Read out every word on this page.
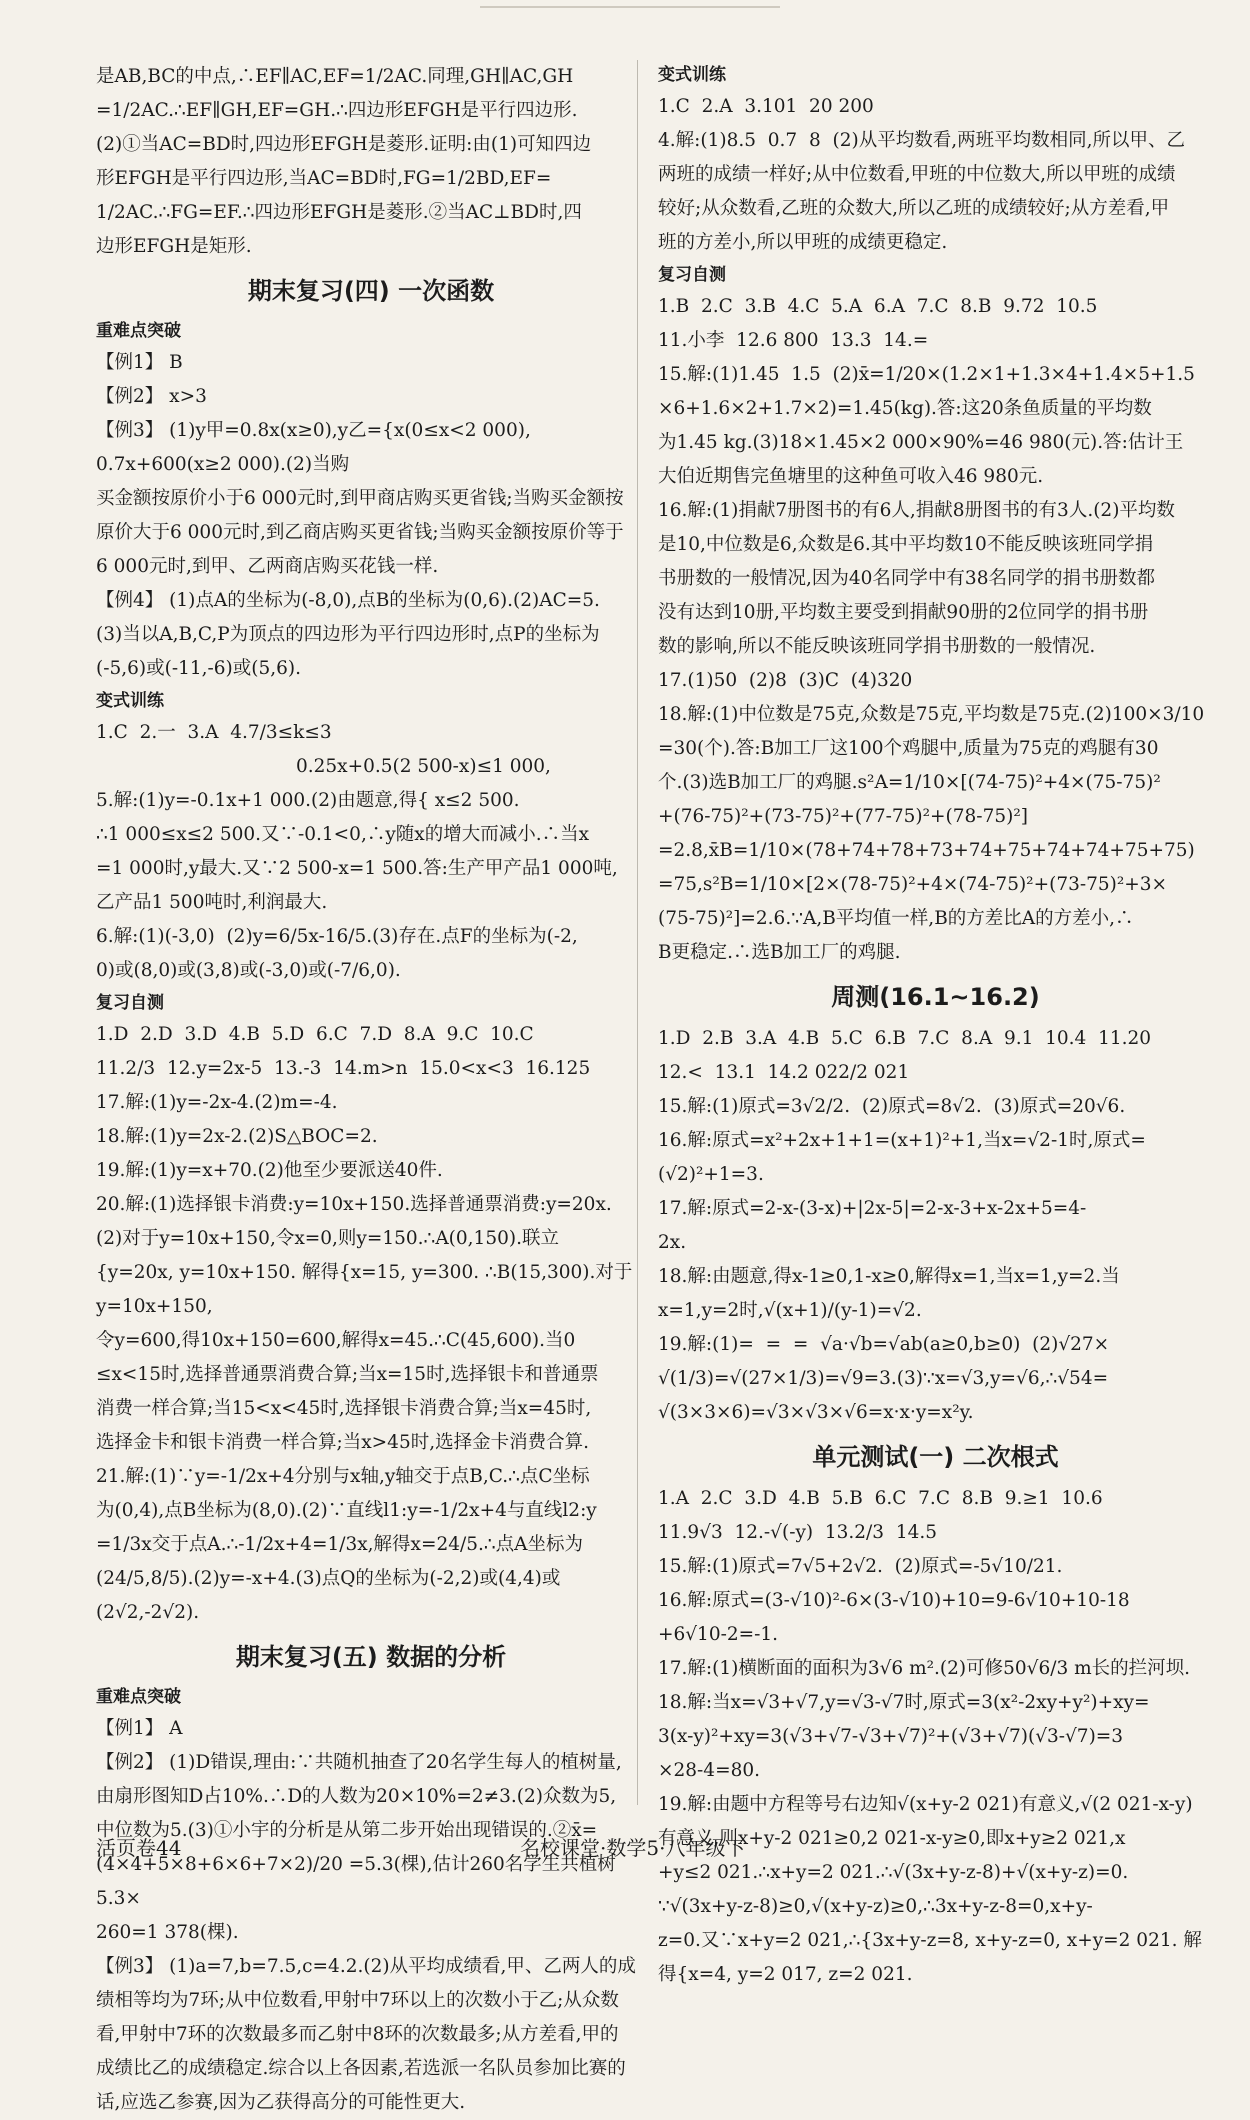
是AB,BC的中点,∴EF∥AC,EF=1/2AC.同理,GH∥AC,GH
=1/2AC.∴EF∥GH,EF=GH.∴四边形EFGH是平行四边形.
(2)①当AC=BD时,四边形EFGH是菱形.证明:由(1)可知四边
形EFGH是平行四边形,当AC=BD时,FG=1/2BD,EF=
1/2AC.∴FG=EF.∴四边形EFGH是菱形.②当AC⊥BD时,四
边形EFGH是矩形.
期末复习(四) 一次函数
重难点突破
【例1】 B
【例2】 x>3
【例3】 (1)y甲=0.8x(x≥0),y乙={x(0≤x<2 000), 0.7x+600(x≥2 000).(2)当购
买金额按原价小于6 000元时,到甲商店购买更省钱;当购买金额按
原价大于6 000元时,到乙商店购买更省钱;当购买金额按原价等于
6 000元时,到甲、乙两商店购买花钱一样.
【例4】 (1)点A的坐标为(-8,0),点B的坐标为(0,6).(2)AC=5.
(3)当以A,B,C,P为顶点的四边形为平行四边形时,点P的坐标为
(-5,6)或(-11,-6)或(5,6).
变式训练
1.C  2.一  3.A  4.7/3≤k≤3
0.25x+0.5(2 500-x)≤1 000,
5.解:(1)y=-0.1x+1 000.(2)由题意,得{ x≤2 500.
∴1 000≤x≤2 500.又∵-0.1<0,∴y随x的增大而减小.∴当x
=1 000时,y最大.又∵2 500-x=1 500.答:生产甲产品1 000吨,
乙产品1 500吨时,利润最大.
6.解:(1)(-3,0)  (2)y=6/5x-16/5.(3)存在.点F的坐标为(-2,
0)或(8,0)或(3,8)或(-3,0)或(-7/6,0).
复习自测
1.D  2.D  3.D  4.B  5.D  6.C  7.D  8.A  9.C  10.C
11.2/3  12.y=2x-5  13.-3  14.m>n  15.0<x<3  16.125
17.解:(1)y=-2x-4.(2)m=-4.
18.解:(1)y=2x-2.(2)S△BOC=2.
19.解:(1)y=x+70.(2)他至少要派送40件.
20.解:(1)选择银卡消费:y=10x+150.选择普通票消费:y=20x.
(2)对于y=10x+150,令x=0,则y=150.∴A(0,150).联立
{y=20x, y=10x+150. 解得{x=15, y=300. ∴B(15,300).对于y=10x+150,
令y=600,得10x+150=600,解得x=45.∴C(45,600).当0
≤x<15时,选择普通票消费合算;当x=15时,选择银卡和普通票
消费一样合算;当15<x<45时,选择银卡消费合算;当x=45时,
选择金卡和银卡消费一样合算;当x>45时,选择金卡消费合算.
21.解:(1)∵y=-1/2x+4分别与x轴,y轴交于点B,C.∴点C坐标
为(0,4),点B坐标为(8,0).(2)∵直线l1:y=-1/2x+4与直线l2:y
=1/3x交于点A.∴-1/2x+4=1/3x,解得x=24/5.∴点A坐标为
(24/5,8/5).(2)y=-x+4.(3)点Q的坐标为(-2,2)或(4,4)或
(2√2,-2√2).
期末复习(五) 数据的分析
重难点突破
【例1】 A
【例2】 (1)D错误,理由:∵共随机抽查了20名学生每人的植树量,
由扇形图知D占10%.∴D的人数为20×10%=2≠3.(2)众数为5,
中位数为5.(3)①小宇的分析是从第二步开始出现错误的.②x̄=
(4×4+5×8+6×6+7×2)/20 =5.3(棵),估计260名学生共植树5.3×
260=1 378(棵).
【例3】 (1)a=7,b=7.5,c=4.2.(2)从平均成绩看,甲、乙两人的成
绩相等均为7环;从中位数看,甲射中7环以上的次数小于乙;从众数
看,甲射中7环的次数最多而乙射中8环的次数最多;从方差看,甲的
成绩比乙的成绩稳定.综合以上各因素,若选派一名队员参加比赛的
话,应选乙参赛,因为乙获得高分的可能性更大.
变式训练
1.C  2.A  3.101  20 200
4.解:(1)8.5  0.7  8  (2)从平均数看,两班平均数相同,所以甲、乙
两班的成绩一样好;从中位数看,甲班的中位数大,所以甲班的成绩
较好;从众数看,乙班的众数大,所以乙班的成绩较好;从方差看,甲
班的方差小,所以甲班的成绩更稳定.
复习自测
1.B  2.C  3.B  4.C  5.A  6.A  7.C  8.B  9.72  10.5
11.小李  12.6 800  13.3  14.=
15.解:(1)1.45  1.5  (2)x̄=1/20×(1.2×1+1.3×4+1.4×5+1.5
×6+1.6×2+1.7×2)=1.45(kg).答:这20条鱼质量的平均数
为1.45 kg.(3)18×1.45×2 000×90%=46 980(元).答:估计王
大伯近期售完鱼塘里的这种鱼可收入46 980元.
16.解:(1)捐献7册图书的有6人,捐献8册图书的有3人.(2)平均数
是10,中位数是6,众数是6.其中平均数10不能反映该班同学捐
书册数的一般情况,因为40名同学中有38名同学的捐书册数都
没有达到10册,平均数主要受到捐献90册的2位同学的捐书册
数的影响,所以不能反映该班同学捐书册数的一般情况.
17.(1)50  (2)8  (3)C  (4)320
18.解:(1)中位数是75克,众数是75克,平均数是75克.(2)100×3/10
=30(个).答:B加工厂这100个鸡腿中,质量为75克的鸡腿有30
个.(3)选B加工厂的鸡腿.s²A=1/10×[(74-75)²+4×(75-75)²
+(76-75)²+(73-75)²+(77-75)²+(78-75)²]
=2.8,x̄B=1/10×(78+74+78+73+74+75+74+74+75+75)
=75,s²B=1/10×[2×(78-75)²+4×(74-75)²+(73-75)²+3×
(75-75)²]=2.6.∵A,B平均值一样,B的方差比A的方差小,∴
B更稳定.∴选B加工厂的鸡腿.
周测(16.1~16.2)
1.D  2.B  3.A  4.B  5.C  6.B  7.C  8.A  9.1  10.4  11.20
12.<  13.1  14.2 022/2 021
15.解:(1)原式=3√2/2.  (2)原式=8√2.  (3)原式=20√6.
16.解:原式=x²+2x+1+1=(x+1)²+1,当x=√2-1时,原式=
(√2)²+1=3.
17.解:原式=2-x-(3-x)+|2x-5|=2-x-3+x-2x+5=4-
2x.
18.解:由题意,得x-1≥0,1-x≥0,解得x=1,当x=1,y=2.当
x=1,y=2时,√(x+1)/(y-1)=√2.
19.解:(1)=  =  =  √a·√b=√ab(a≥0,b≥0)  (2)√27×
√(1/3)=√(27×1/3)=√9=3.(3)∵x=√3,y=√6,∴√54=
√(3×3×6)=√3×√3×√6=x·x·y=x²y.
单元测试(一) 二次根式
1.A  2.C  3.D  4.B  5.B  6.C  7.C  8.B  9.≥1  10.6
11.9√3  12.-√(-y)  13.2/3  14.5
15.解:(1)原式=7√5+2√2.  (2)原式=-5√10/21.
16.解:原式=(3-√10)²-6×(3-√10)+10=9-6√10+10-18
+6√10-2=-1.
17.解:(1)横断面的面积为3√6 m².(2)可修50√6/3 m长的拦河坝.
18.解:当x=√3+√7,y=√3-√7时,原式=3(x²-2xy+y²)+xy=
3(x-y)²+xy=3(√3+√7-√3+√7)²+(√3+√7)(√3-√7)=3
×28-4=80.
19.解:由题中方程等号右边知√(x+y-2 021)有意义,√(2 021-x-y)
有意义,则x+y-2 021≥0,2 021-x-y≥0,即x+y≥2 021,x
+y≤2 021.∴x+y=2 021.∴√(3x+y-z-8)+√(x+y-z)=0.
∵√(3x+y-z-8)≥0,√(x+y-z)≥0,∴3x+y-z-8=0,x+y-
z=0.又∵x+y=2 021,∴{3x+y-z=8, x+y-z=0, x+y=2 021. 解得{x=4, y=2 017, z=2 021.
活页卷44	名校课堂·数学5·八年级下
